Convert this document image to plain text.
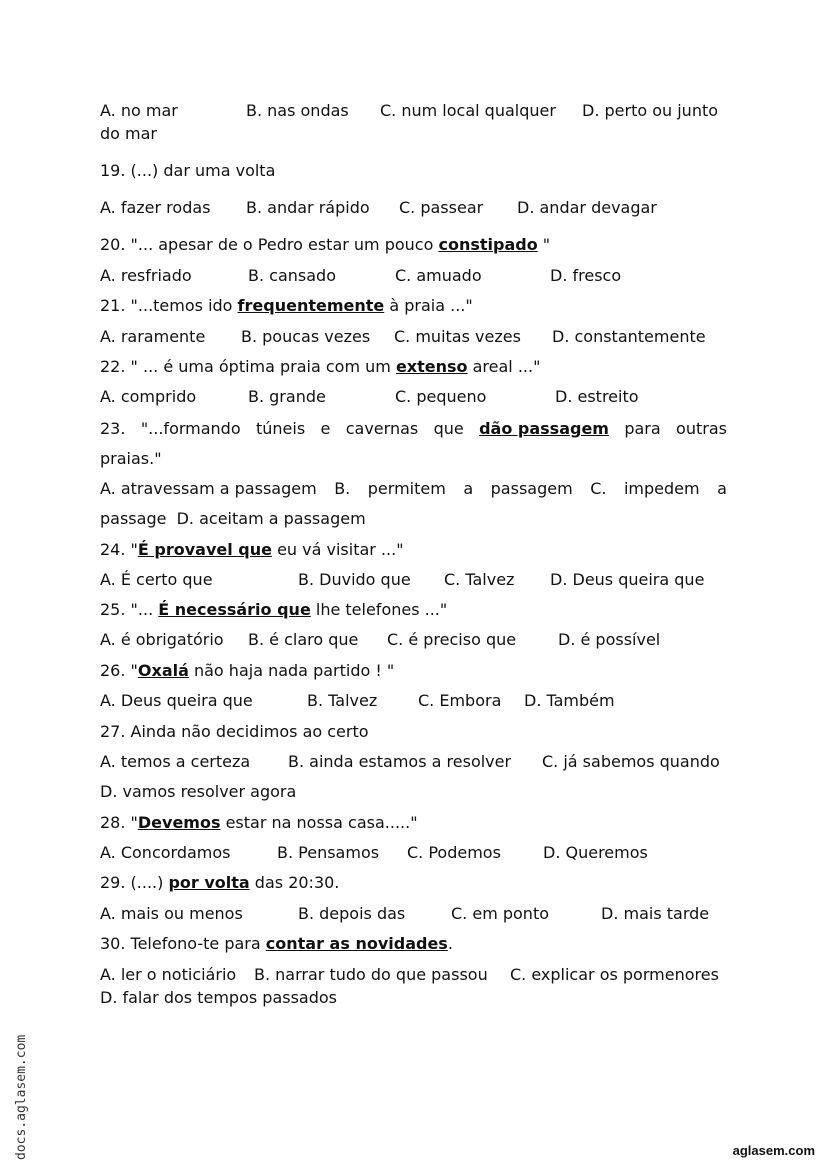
A. no mar	B. nas ondas C. num local qualquer D. perto ou junto
do mar
19. (...) dar uma volta
A. fazer rodas B. andar rápido C. passear D. andar devagar
20. "... apesar de o Pedro estar um pouco constipado "
A. resfriado	B. cansado	C. amuado	D. fresco
21. "...temos ido frequentemente à praia ..."
A. raramente B. poucas vezes C. muitas vezes D. constantemente
22. " ... é uma óptima praia com um extenso areal ..."
A. comprido	B. grande	C. pequeno	D. estreito
23. "...formando túneis e cavernas que dão passagem para outras
praias."
A. atravessam a passagem B. permitem a passagem C. impedem a
passage  D. aceitam a passagem
24. "É provavel que eu vá visitar ..."
A. É certo que	B. Duvido que C. Talvez D. Deus queira que
25. "... É necessário que lhe telefones ..."
A. é obrigatório B. é claro que C. é preciso que	D. é possível
26. "Oxalá não haja nada partido ! "
A. Deus queira que	B. Talvez	C. Embora D. Também
27. Ainda não decidimos ao certo
A. temos a certeza B. ainda estamos a resolver C. já sabemos quando
D. vamos resolver agora
28. "Devemos estar na nossa casa....."
A. Concordamos	B. Pensamos C. Podemos	D. Queremos
29. (....) por volta das 20:30.
A. mais ou menos	B. depois das	C. em ponto	D. mais tarde
30. Telefono-te para contar as novidades.
A. ler o noticiário B. narrar tudo do que passou C. explicar os pormenores
D. falar dos tempos passados
docs.aglasem.com	aglasem.com
